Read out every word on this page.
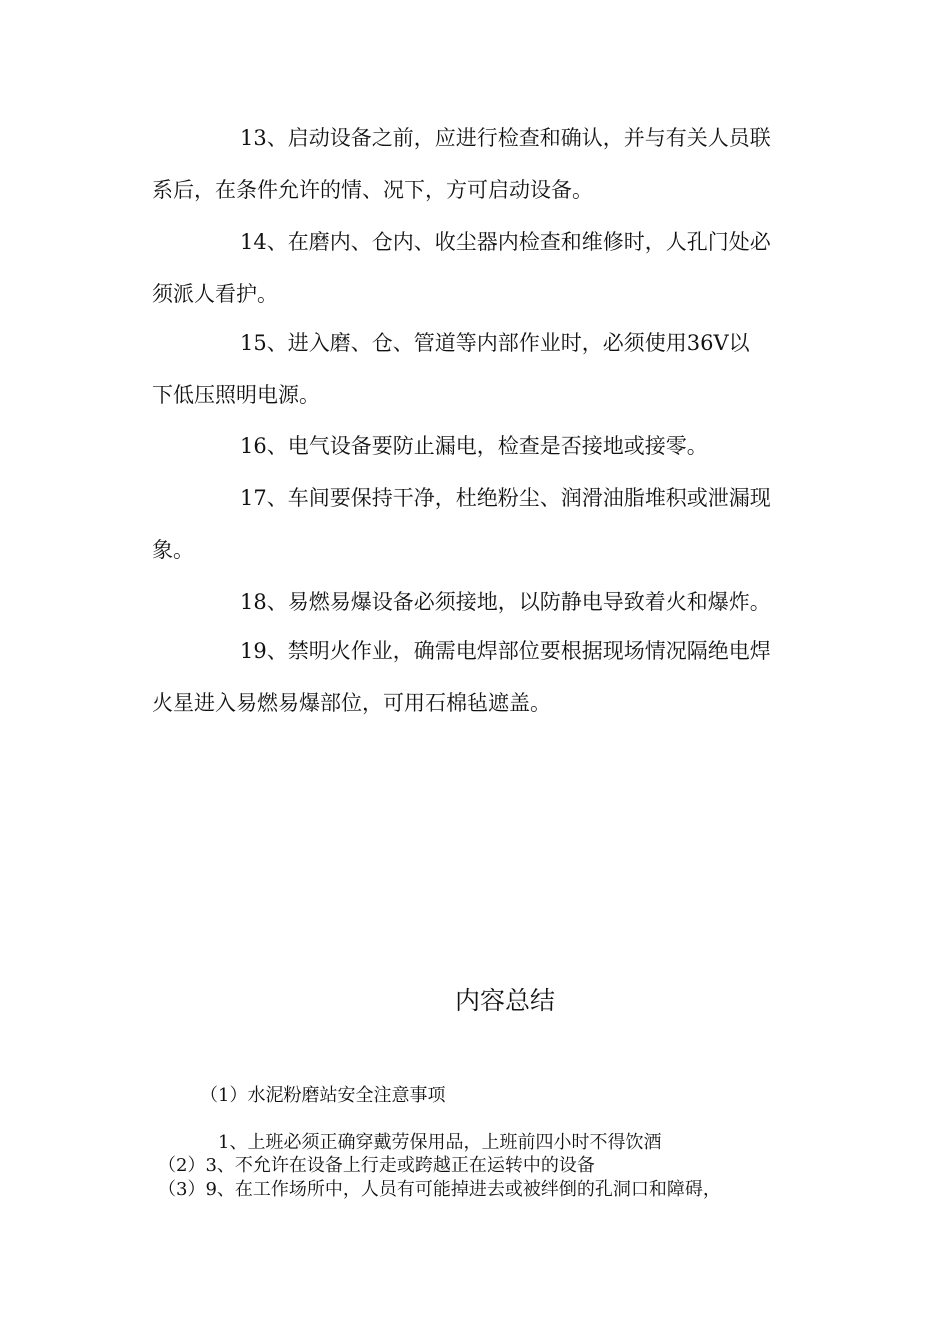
13、启动设备之前，应进行检查和确认，并与有关人员联
系后，在条件允许的情、况下，方可启动设备。
14、在磨内、仓内、收尘器内检查和维修时，人孔门处必
须派人看护。
15、进入磨、仓、管道等内部作业时，必须使用36V以
下低压照明电源。
16、电气设备要防止漏电，检查是否接地或接零。
17、车间要保持干净，杜绝粉尘、润滑油脂堆积或泄漏现
象。
18、易燃易爆设备必须接地，以防静电导致着火和爆炸。
19、禁明火作业，确需电焊部位要根据现场情况隔绝电焊
火星进入易燃易爆部位，可用石棉毡遮盖。
内容总结
（1）水泥粉磨站安全注意事项
1、上班必须正确穿戴劳保用品，上班前四小时不得饮酒
（2）3、不允许在设备上行走或跨越正在运转中的设备
（3）9、在工作场所中，人员有可能掉进去或被绊倒的孔洞口和障碍，
